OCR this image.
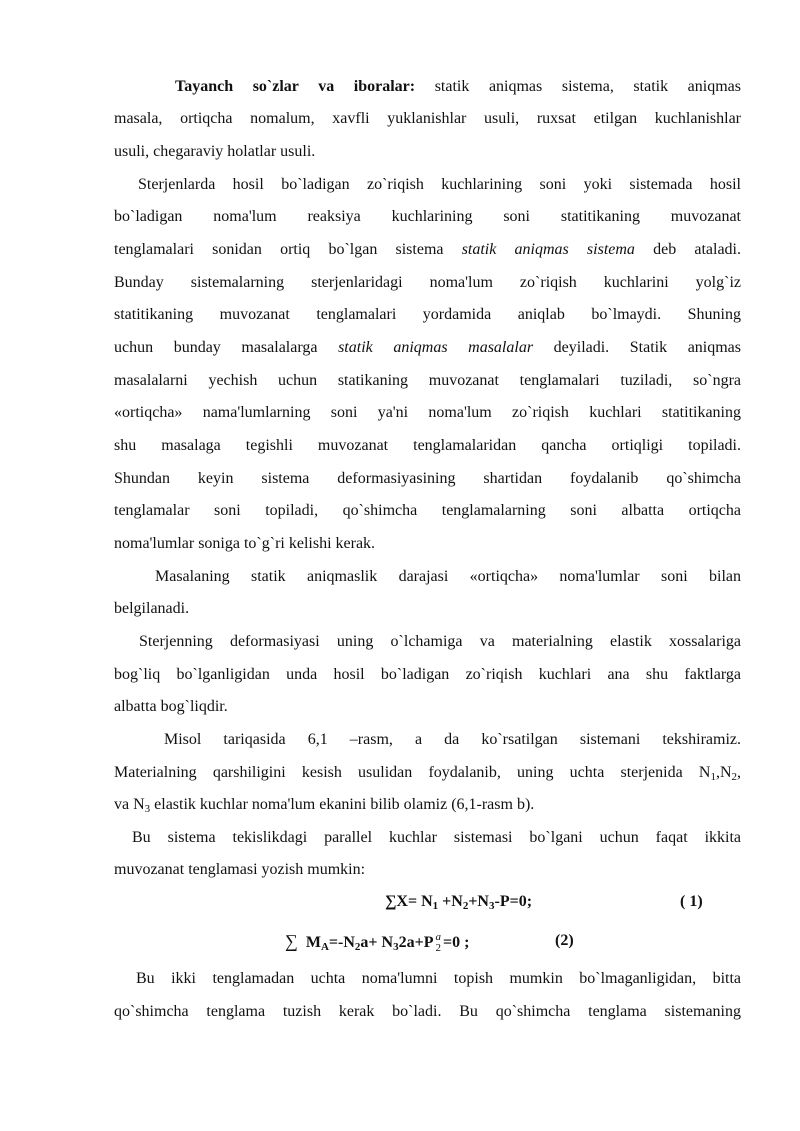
Tayanch so`zlar va iboralar: statik aniqmas sistema, statik aniqmas
masala, ortiqcha nomalum, xavfli yuklanishlar usuli, ruxsat etilgan kuchlanishlar
usuli, chegaraviy holatlar usuli.
Sterjenlarda hosil bo`ladigan zo`riqish kuchlarining soni yoki sistemada hosil
bo`ladigan noma'lum reaksiya kuchlarining soni statitikaning muvozanat
tenglamalari sonidan ortiq bo`lgan sistema statik aniqmas sistema deb ataladi.
Bunday sistemalarning sterjenlaridagi noma'lum zo`riqish kuchlarini yolg`iz
statitikaning muvozanat tenglamalari yordamida aniqlab bo`lmaydi. Shuning
uchun bunday masalalarga statik aniqmas masalalar deyiladi. Statik aniqmas
masalalarni yechish uchun statikaning muvozanat tenglamalari tuziladi, so`ngra
«ortiqcha» nama'lumlarning soni ya'ni noma'lum zo`riqish kuchlari statitikaning
shu masalaga tegishli muvozanat tenglamalaridan qancha ortiqligi topiladi.
Shundan keyin sistema deformasiyasining shartidan foydalanib qo`shimcha
tenglamalar soni topiladi, qo`shimcha tenglamalarning soni albatta ortiqcha
noma'lumlar soniga to`g`ri kelishi kerak.
Masalaning statik aniqmaslik darajasi «ortiqcha» noma'lumlar soni bilan
belgilanadi.
Sterjenning deformasiyasi uning o`lchamiga va materialning elastik xossalariga
bog`liq bo`lganligidan unda hosil bo`ladigan zo`riqish kuchlari ana shu faktlarga
albatta bog`liqdir.
Misol tariqasida 6,1 –rasm, a da ko`rsatilgan sistemani tekshiramiz.
Materialning qarshiligini kesish usulidan foydalanib, uning uchta sterjenida $N_1,N_2$,
va $N_3$ elastik kuchlar noma'lum ekanini bilib olamiz (6,1-rasm b).
Bu sistema tekislikdagi parallel kuchlar sistemasi bo`lgani uchun faqat ikkita
muvozanat tenglamasi yozish mumkin:
$\sum X= N_1 +N_2+N_3-P=0$;	( 1)
∑ $M_A=-N_2a+ N_32a+P$ a
2 =0 ;	(2)
Bu ikki tenglamadan uchta noma'lumni topish mumkin bo`lmaganligidan, bitta
qo`shimcha tenglama tuzish kerak bo`ladi. Bu qo`shimcha tenglama sistemaning
